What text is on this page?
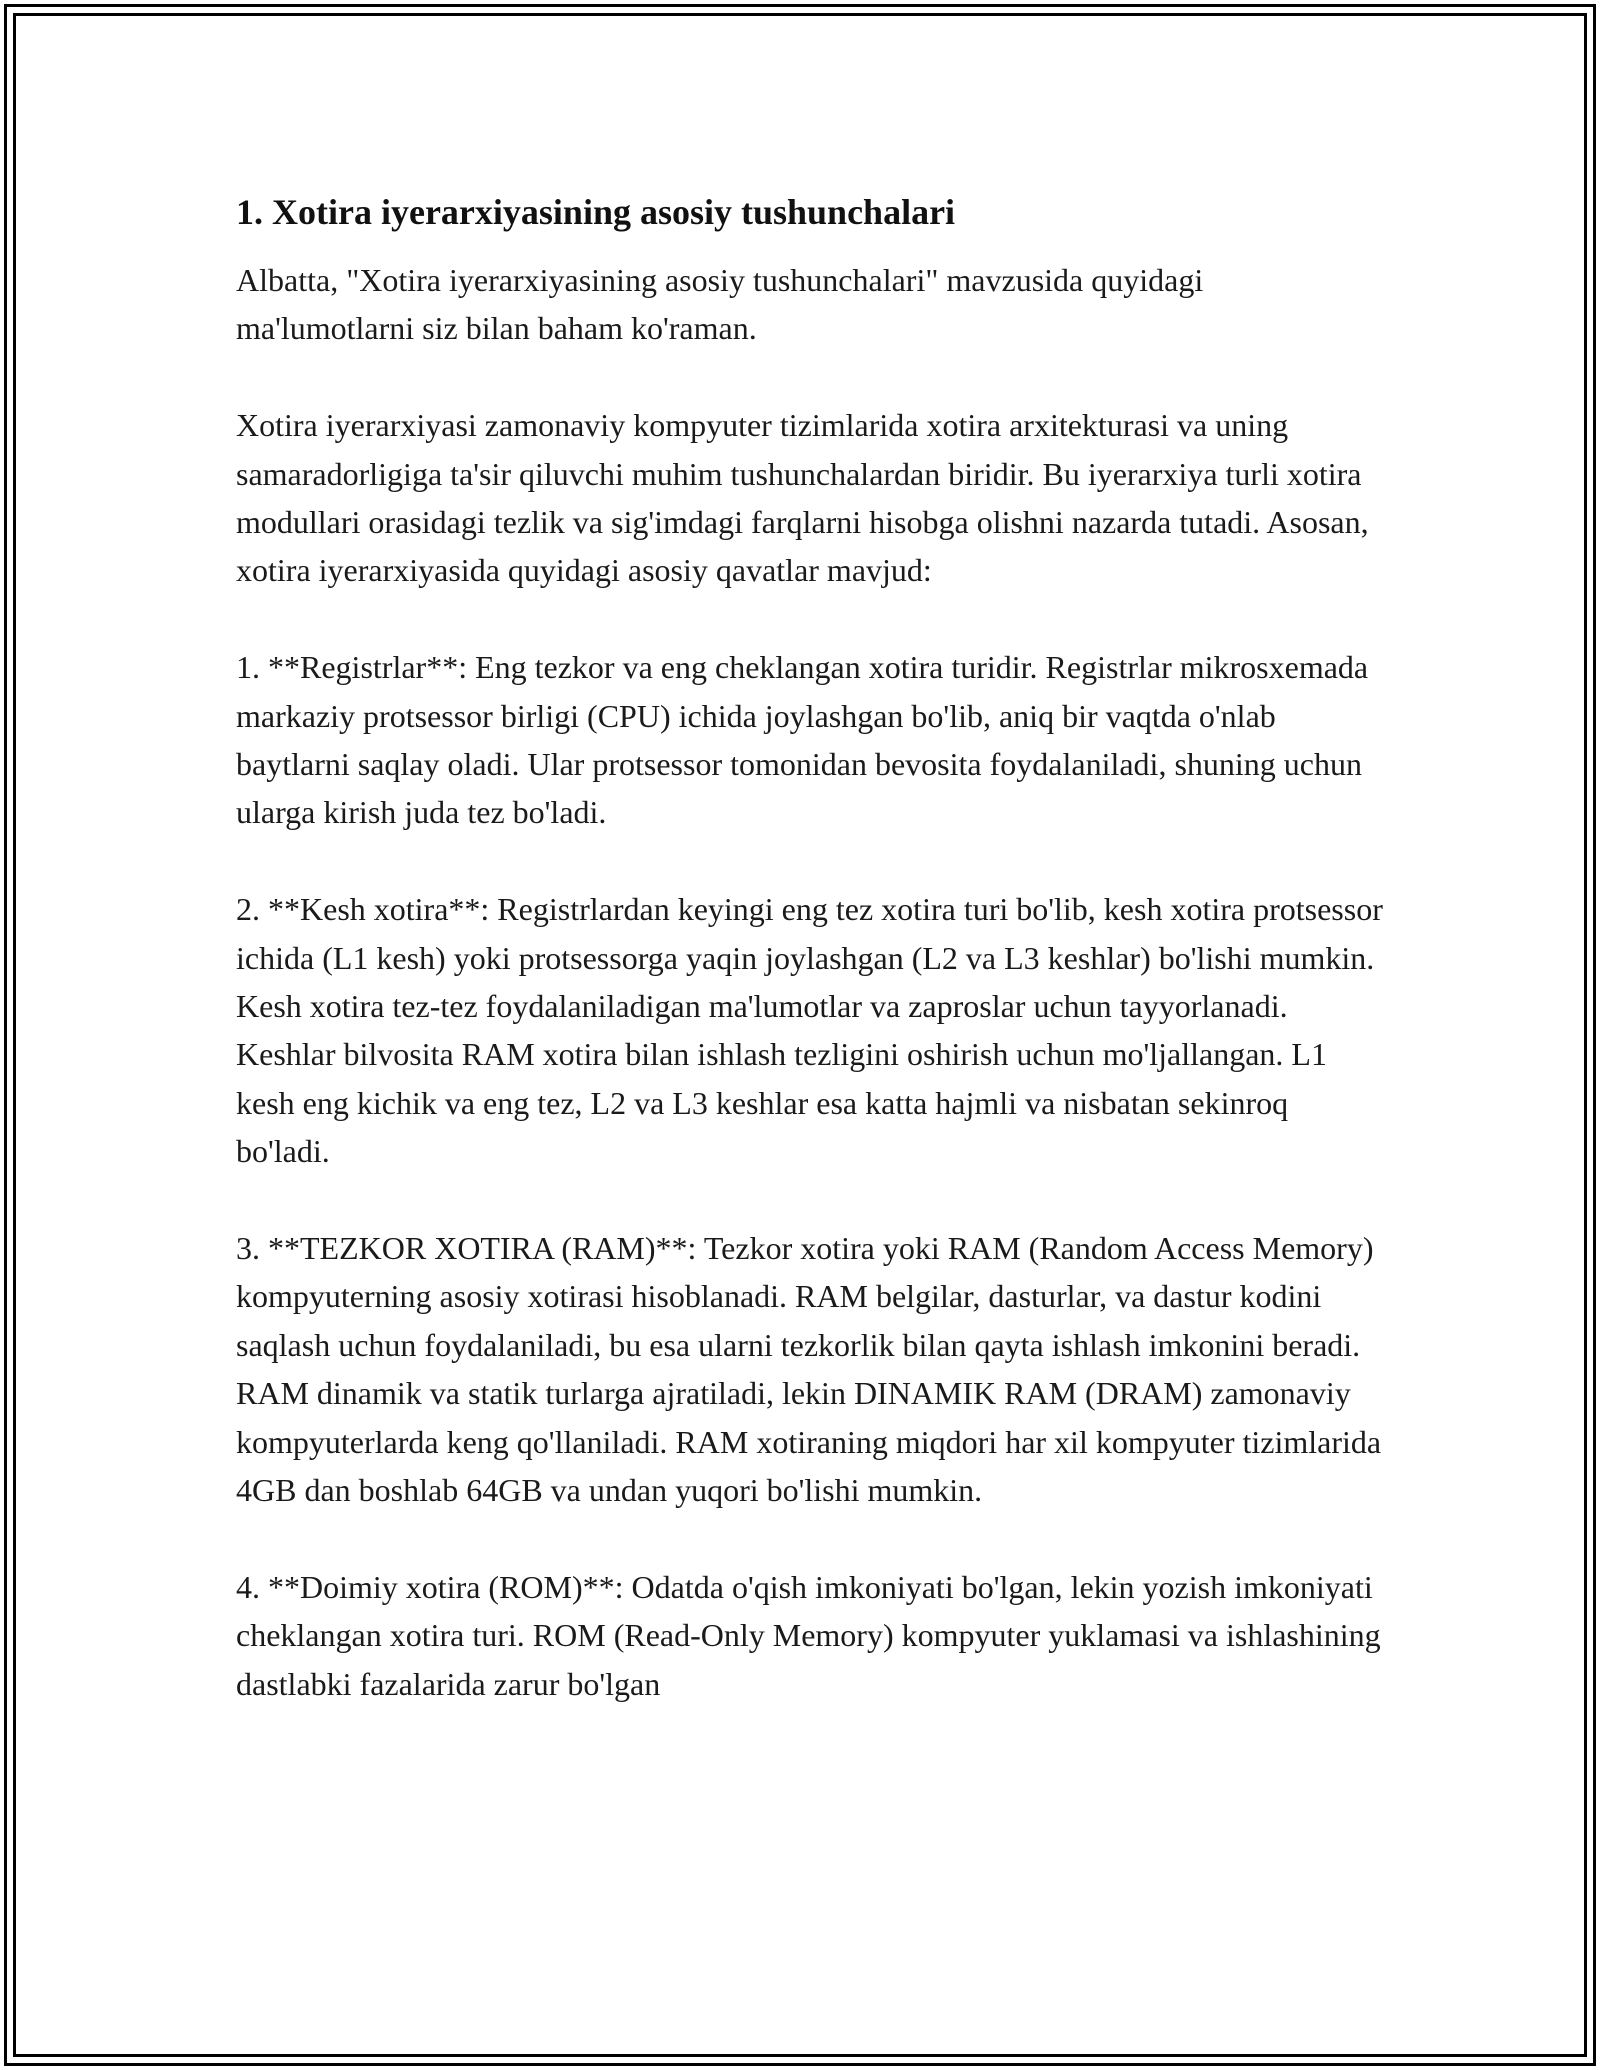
1. Xotira iyerarxiyasining asosiy tushunchalari

Albatta, "Xotira iyerarxiyasining asosiy tushunchalari" mavzusida quyidagi ma'lumotlarni siz bilan baham ko'raman.

Xotira iyerarxiyasi zamonaviy kompyuter tizimlarida xotira arxitekturasi va uning samaradorligiga ta'sir qiluvchi muhim tushunchalardan biridir. Bu iyerarxiya turli xotira modullari orasidagi tezlik va sig'imdagi farqlarni hisobga olishni nazarda tutadi. Asosan, xotira iyerarxiyasida quyidagi asosiy qavatlar mavjud:

1. **Registrlar**: Eng tezkor va eng cheklangan xotira turidir. Registrlar mikrosxemada markaziy protsessor birligi (CPU) ichida joylashgan bo'lib, aniq bir vaqtda o'nlab baytlarni saqlay oladi. Ular protsessor tomonidan bevosita foydalaniladi, shuning uchun ularga kirish juda tez bo'ladi.

2. **Kesh xotira**: Registrlardan keyingi eng tez xotira turi bo'lib, kesh xotira protsessor ichida (L1 kesh) yoki protsessorga yaqin joylashgan (L2 va L3 keshlar) bo'lishi mumkin. Kesh xotira tez-tez foydalaniladigan ma'lumotlar va zaproslar uchun tayyorlanadi. Keshlar bilvosita RAM xotira bilan ishlash tezligini oshirish uchun mo'ljallangan. L1 kesh eng kichik va eng tez, L2 va L3 keshlar esa katta hajmli va nisbatan sekinroq bo'ladi.

3. **TEZKOR XOTIRA (RAM)**: Tezkor xotira yoki RAM (Random Access Memory) kompyuterning asosiy xotirasi hisoblanadi. RAM belgilar, dasturlar, va dastur kodini saqlash uchun foydalaniladi, bu esa ularni tezkorlik bilan qayta ishlash imkonini beradi. RAM dinamik va statik turlarga ajratiladi, lekin DINAMIK RAM (DRAM) zamonaviy kompyuterlarda keng qo'llaniladi. RAM xotiraning miqdori har xil kompyuter tizimlarida 4GB dan boshlab 64GB va undan yuqori bo'lishi mumkin.

4. **Doimiy xotira (ROM)**: Odatda o'qish imkoniyati bo'lgan, lekin yozish imkoniyati cheklangan xotira turi. ROM (Read-Only Memory) kompyuter yuklamasi va ishlashining dastlabki fazalarida zarur bo'lgan
